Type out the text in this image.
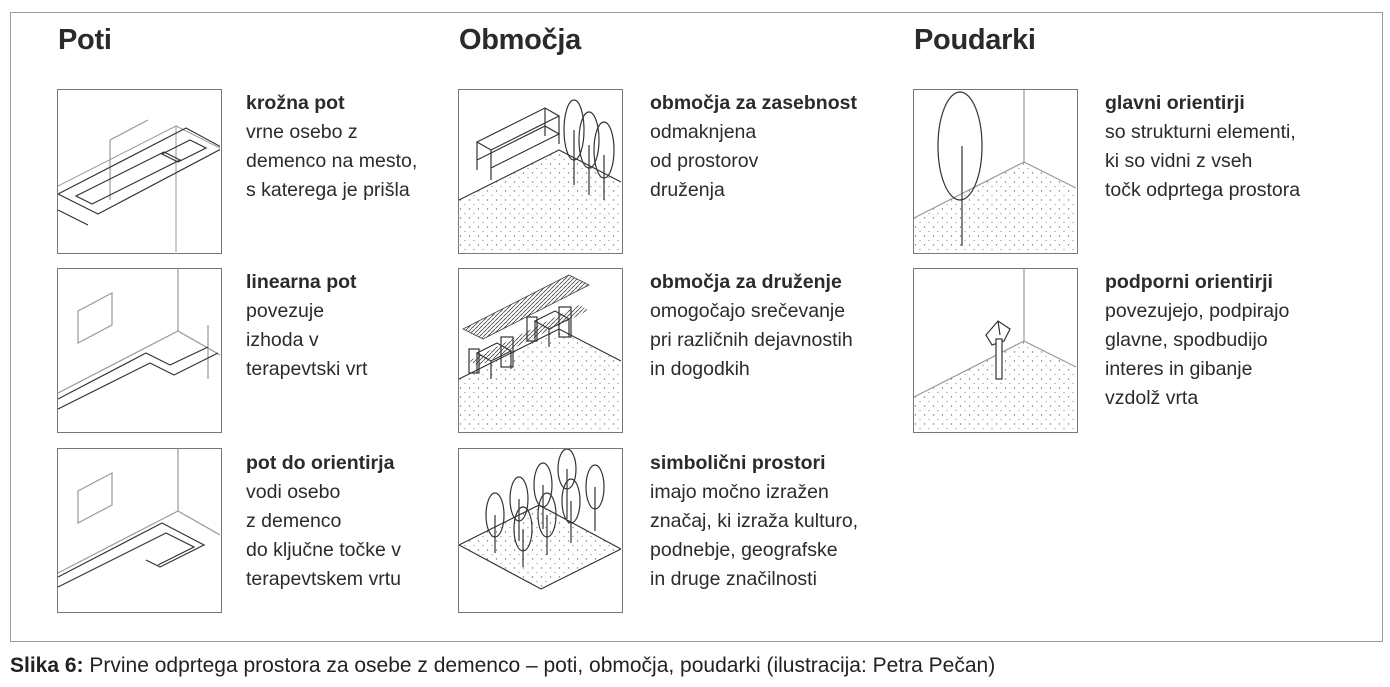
Poti	Območja	Poudarki
krožna pot
vrne osebo z
demenco na mesto,
s katerega je prišla
linearna pot
povezuje
izhoda v
terapevtski vrt
pot do orientirja
vodi osebo
z demenco
do ključne točke v
terapevtskem vrtu
območja za zasebnost
odmaknjena
od prostorov
druženja
območja za druženje
omogočajo srečevanje
pri različnih dejavnostih
in dogodkih
simbolični prostori
imajo močno izražen
značaj, ki izraža kulturo,
podnebje, geografske
in druge značilnosti
glavni orientirji
so strukturni elementi,
ki so vidni z vseh
točk odprtega prostora
podporni orientirji
povezujejo, podpirajo
glavne, spodbudijo
interes in gibanje
vzdolž vrta
Slika 6: Prvine odprtega prostora za osebe z demenco – poti, območja, poudarki (ilustracija: Petra Pečan)
